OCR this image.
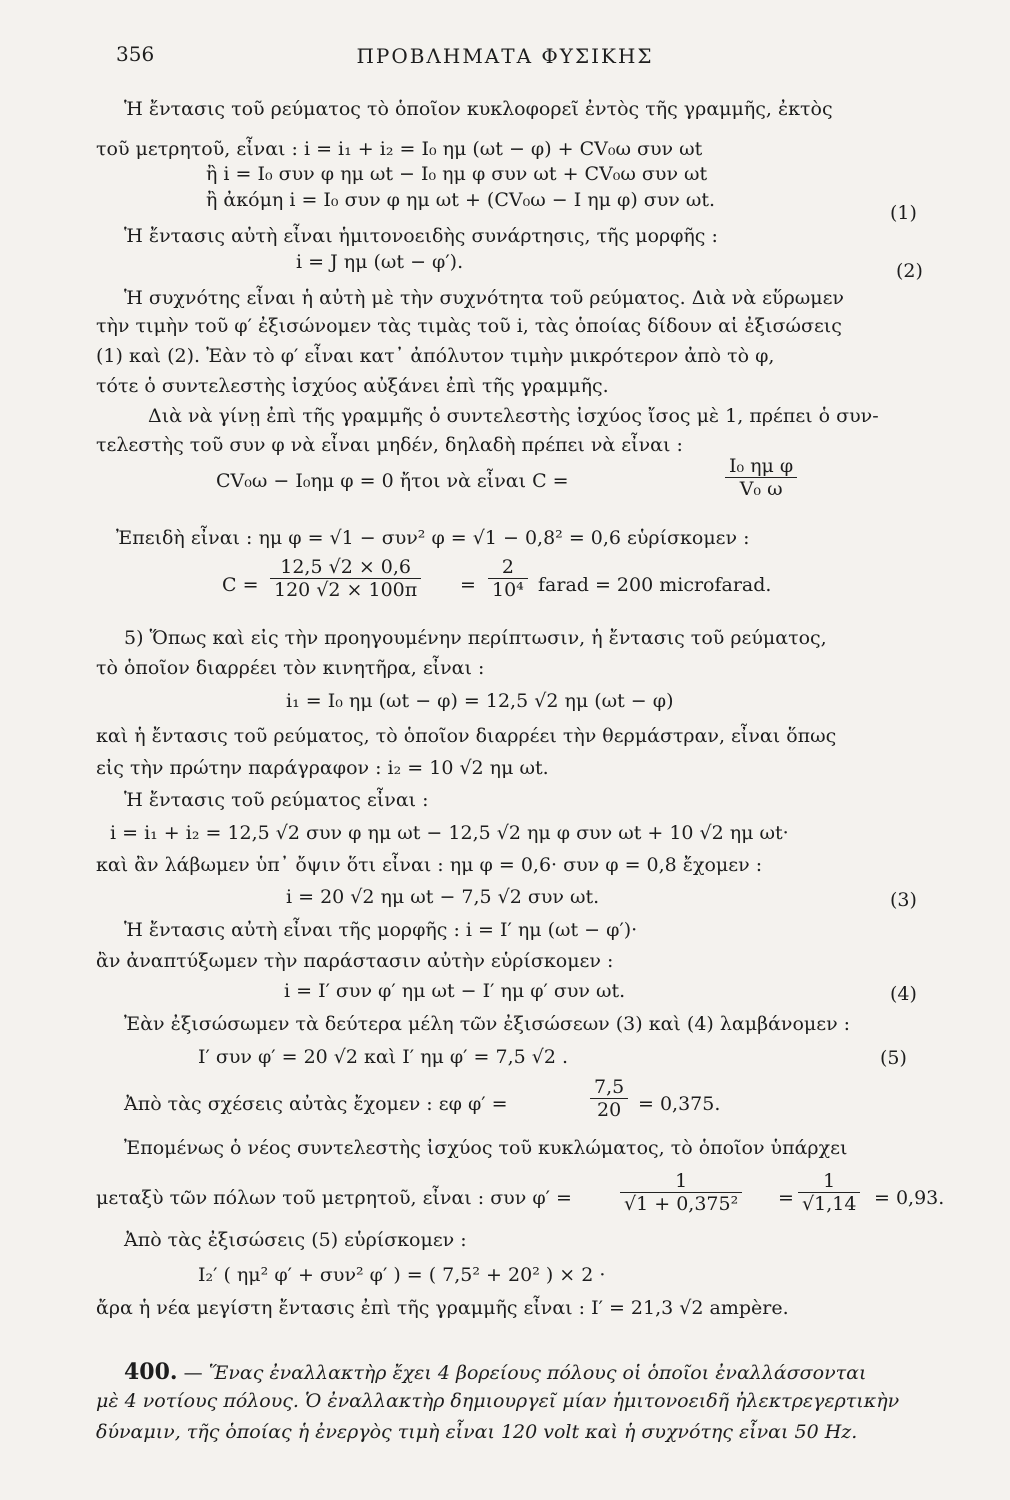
356	ΠΡΟΒΛΗΜΑΤΑ ΦΥΣΙΚΗΣ
Ἡ ἔντασις τοῦ ρεύματος τὸ ὁποῖον κυκλοφορεῖ ἐντὸς τῆς γραμμῆς, ἐκτὸς
τοῦ μετρητοῦ, εἶναι : i = i₁ + i₂ = I₀ ημ (ωt − φ) + CV₀ω συν ωt
ἢ i = I₀ συν φ ημ ωt − I₀ ημ φ συν ωt + CV₀ω συν ωt
ἢ ἀκόμη i = I₀ συν φ ημ ωt + (CV₀ω − I ημ φ) συν ωt.
(1)
Ἡ ἔντασις αὐτὴ εἶναι ἡμιτονοειδὴς συνάρτησις, τῆς μορφῆς :
i = J ημ (ωt − φ′).	(2)
Ἡ συχνότης εἶναι ἡ αὐτὴ μὲ τὴν συχνότητα τοῦ ρεύματος. Διὰ νὰ εὕρωμεν
τὴν τιμὴν τοῦ φ′ ἐξισώνομεν τὰς τιμὰς τοῦ i, τὰς ὁποίας δίδουν αἱ ἐξισώσεις
(1) καὶ (2). Ἐὰν τὸ φ′ εἶναι κατ᾽ ἀπόλυτον τιμὴν μικρότερον ἀπὸ τὸ φ,
τότε ὁ συντελεστὴς ἰσχύος αὐξάνει ἐπὶ τῆς γραμμῆς.
Διὰ νὰ γίνῃ ἐπὶ τῆς γραμμῆς ὁ συντελεστὴς ἰσχύος ἴσος μὲ 1, πρέπει ὁ συν-
τελεστὴς τοῦ συν φ νὰ εἶναι μηδέν, δηλαδὴ πρέπει νὰ εἶναι :
CV₀ω − I₀ημ φ = 0 ἤτοι νὰ εἶναι C =	$\frac{\text{I₀ ημ φ}}{\text{V₀ ω}}$
Ἐπειδὴ εἶναι : ημ φ = √1 − συν² φ = √1 − 0,8² = 0,6 εὑρίσκομεν :
$C = \frac{12,5 √2 \times 0,6}{120 √2 \times 100\pi} = \frac{2}{\text{10⁴}}$ farad = 200 microfarad.
5) Ὅπως καὶ εἰς τὴν προηγουμένην περίπτωσιν, ἡ ἔντασις τοῦ ρεύματος,
τὸ ὁποῖον διαρρέει τὸν κινητῆρα, εἶναι :
i₁ = I₀ ημ (ωt − φ) = 12,5 √2 ημ (ωt − φ)
καὶ ἡ ἔντασις τοῦ ρεύματος, τὸ ὁποῖον διαρρέει τὴν θερμάστραν, εἶναι ὅπως
εἰς τὴν πρώτην παράγραφον : i₂ = 10 √2 ημ ωt.
Ἡ ἔντασις τοῦ ρεύματος εἶναι :
i = i₁ + i₂ = 12,5 √2 συν φ ημ ωt − 12,5 √2 ημ φ συν ωt + 10 √2 ημ ωt·
καὶ ἂν λάβωμεν ὑπ᾽ ὄψιν ὅτι εἶναι : ημ φ = 0,6· συν φ = 0,8 ἔχομεν :
i = 20 √2 ημ ωt − 7,5 √2 συν ωt.	(3)
Ἡ ἔντασις αὐτὴ εἶναι τῆς μορφῆς : i = I′ ημ (ωt − φ′)·
ἂν ἀναπτύξωμεν τὴν παράστασιν αὐτὴν εὑρίσκομεν :
i = I′ συν φ′ ημ ωt − I′ ημ φ′ συν ωt.	(4)
Ἐὰν ἐξισώσωμεν τὰ δεύτερα μέλη τῶν ἐξισώσεων (3) καὶ (4) λαμβάνομεν :
I′ συν φ′ = 20 √2 καὶ I′ ημ φ′ = 7,5 √2 .	(5)
Ἀπὸ τὰς σχέσεις αὐτὰς ἔχομεν : εφ φ′ =	$\frac{7,5}{20} = 0,375$.
Ἐπομένως ὁ νέος συντελεστὴς ἰσχύος τοῦ κυκλώματος, τὸ ὁποῖον ὑπάρχει
μεταξὺ τῶν πόλων τοῦ μετρητοῦ, εἶναι : συν φ′ =	$\frac{1}{\text{√1 + 0,375²}} = \frac{1}{√1,14} = 0,93$.
Ἀπὸ τὰς ἐξισώσεις (5) εὑρίσκομεν :
I₂′ ( ημ² φ′ + συν² φ′ ) = ( 7,5² + 20² ) × 2 ·
ἄρα ἡ νέα μεγίστη ἔντασις ἐπὶ τῆς γραμμῆς εἶναι : I′ = 21,3 √2 ampère.
400. — Ἕνας ἐναλλακτὴρ ἔχει 4 βορείους πόλους οἱ ὁποῖοι ἐναλλάσσονται
μὲ 4 νοτίους πόλους. Ὁ ἐναλλακτὴρ δημιουργεῖ μίαν ἡμιτονοειδῆ ἠλεκτρεγερτικὴν
δύναμιν, τῆς ὁποίας ἡ ἐνεργὸς τιμὴ εἶναι 120 volt καὶ ἡ συχνότης εἶναι 50 Hz.
